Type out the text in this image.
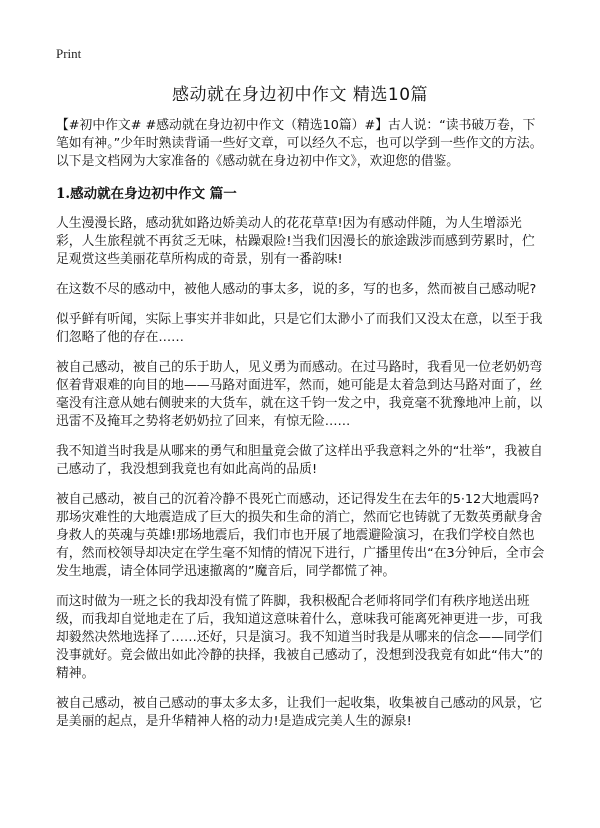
Print
感动就在身边初中作文 精选10篇

【#初中作文# #感动就在身边初中作文（精选10篇）#】古人说：“读书破万卷，下笔如有神。”少年时熟读背诵一些好文章，可以经久不忘，也可以学到一些作文的方法。以下是文档网为大家准备的《感动就在身边初中作文》，欢迎您的借鉴。

1.感动就在身边初中作文 篇一

人生漫漫长路，感动犹如路边娇美动人的花花草草!因为有感动伴随，为人生增添光彩，人生旅程就不再贫乏无味，枯躁艰险!当我们因漫长的旅途跋涉而感到劳累时，伫足观赏这些美丽花草所构成的奇景，别有一番韵味!

在这数不尽的感动中，被他人感动的事太多，说的多，写的也多，然而被自己感动呢?

似乎鲜有听闻，实际上事实并非如此，只是它们太渺小了而我们又没太在意，以至于我们忽略了他的存在……

被自己感动，被自己的乐于助人，见义勇为而感动。在过马路时，我看见一位老奶奶弯伛着背艰难的向目的地——马路对面进军，然而，她可能是太着急到达马路对面了，丝毫没有注意从她右侧驶来的大货车，就在这千钧一发之中，我竟毫不犹豫地冲上前，以迅雷不及掩耳之势将老奶奶拉了回来，有惊无险……

我不知道当时我是从哪来的勇气和胆量竟会做了这样出乎我意料之外的“壮举”，我被自己感动了，我没想到我竟也有如此高尚的品质!

被自己感动，被自己的沉着冷静不畏死亡而感动，还记得发生在去年的5·12大地震吗?那场灾难性的大地震造成了巨大的损失和生命的消亡，然而它也铸就了无数英勇献身舍身救人的英魂与英雄!那场地震后，我们市也开展了地震避险演习，在我们学校自然也有，然而校领导却决定在学生毫不知情的情况下进行，广播里传出“在3分钟后，全市会发生地震，请全体同学迅速撤离的”魔音后，同学都慌了神。

而这时做为一班之长的我却没有慌了阵脚，我积极配合老师将同学们有秩序地送出班级，而我却自觉地走在了后，我知道这意味着什么，意味我可能离死神更进一步，可我却毅然决然地选择了……还好，只是演习。我不知道当时我是从哪来的信念——同学们没事就好。竟会做出如此冷静的抉择，我被自己感动了，没想到没我竟有如此“伟大”的精神。

被自己感动，被自己感动的事太多太多，让我们一起收集，收集被自己感动的风景，它是美丽的起点，是升华精神人格的动力!是造成完美人生的源泉!
